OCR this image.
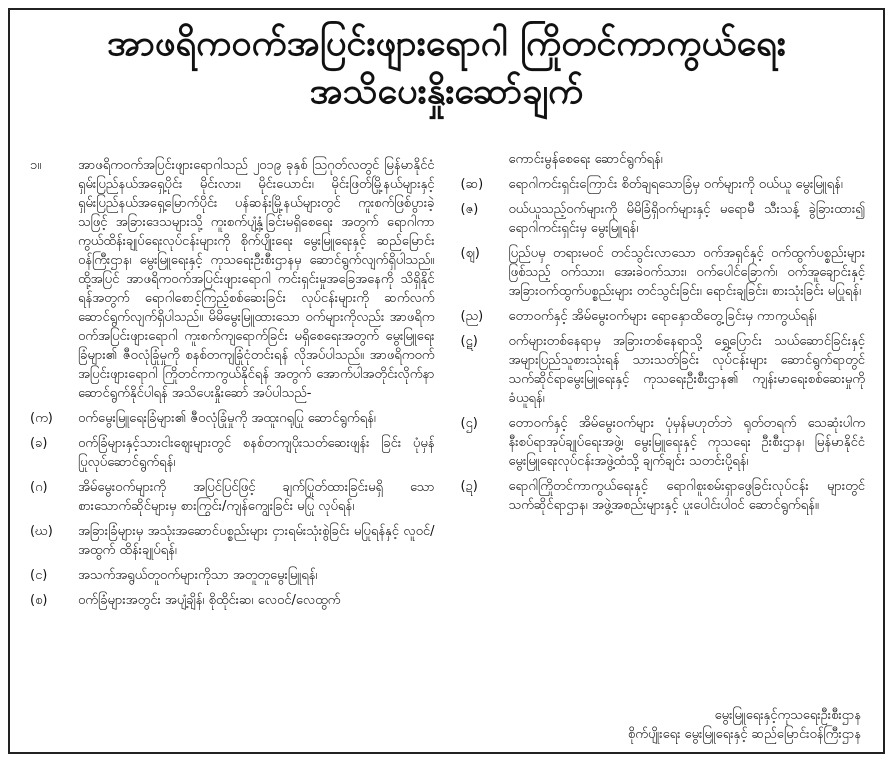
အာဖရိကဝက်အပြင်းဖျားရောဂါ ကြိုတင်ကာကွယ်ရေး
အသိပေးနှိုးဆော်ချက်
၁။	အာဖရိကဝက်အပြင်းဖျားရောဂါသည် ၂၀၁၉ ခုနှစ် ဩဂုတ်လတွင် မြန်မာနိုင်ငံ ရှမ်းပြည်နယ်အရှေ့ပိုင်း မိုင်းလား၊ မိုင်းယောင်း၊ မိုင်းဖြတ်မြို့နယ်များနှင့် ရှမ်းပြည်နယ်အရှေ့မြောက်ပိုင်း ပန်ဆန်းမြို့နယ်များတွင် ကူးစက်ဖြစ်ပွားခဲ့သဖြင့် အခြားဒေသများသို့ ကူးစက်ပျံ့နှံ့ခြင်းမရှိစေရေး အတွက် ရောဂါကာကွယ်ထိန်းချုပ်ရေးလုပ်ငန်းများကို စိုက်ပျိုးရေး မွေးမြူရေးနှင့် ဆည်မြောင်းဝန်ကြီးဌာန၊ မွေးမြူရေးနှင့် ကုသရေးဦးစီးဌာနမှ ဆောင်ရွက်လျက်ရှိပါသည်။ ထို့အပြင် အာဖရိကဝက်အပြင်းဖျားရောဂါ ကင်းရှင်းမှုအခြေအနေကို သိရှိနိုင်ရန်အတွက် ရောဂါစောင့်ကြည့်စစ်ဆေးခြင်း လုပ်ငန်းများကို ဆက်လက်ဆောင်ရွက်လျက်ရှိပါသည်။ မိမိမွေးမြူထားသော ဝက်များကိုလည်း အာဖရိကဝက်အပြင်းဖျားရောဂါ ကူးစက်ကျရောက်ခြင်း မရှိစေရေးအတွက် မွေးမြူရေးခြံများ၏ ဇီဝလုံခြုံမှုကို စနစ်တကျခြုံငုံတင်းရန် လိုအပ်ပါသည်။ အာဖရိကဝက်အပြင်းဖျားရောဂါ ကြိုတင်ကာကွယ်နိုင်ရန် အတွက် အောက်ပါအတိုင်းလိုက်နာဆောင်ရွက်နိုင်ပါရန် အသိပေးနှိုးဆော် အပ်ပါသည်-
(က)	ဝက်မွေးမြူရေးခြံများ၏ ဇီဝလုံခြုံမှုကို အထူးဂရုပြု ဆောင်ရွက်ရန်၊
(ခ)	ဝက်ခြံများနှင့်သားငါးဈေးများတွင် စနစ်တကျပိုးသတ်ဆေးဖျန်း ခြင်း ပုံမှန်ပြုလုပ်ဆောင်ရွက်ရန်၊
(ဂ)	အိမ်မွေးဝက်များကို အပြင်ပြင်ဖြင့် ချက်ပြုတ်ထားခြင်းမရှိ သော စားသောက်ဆိုင်များမှ စားကြွင်း/ကျန်ကျွေးခြင်း မပြု လုပ်ရန်၊
(ဃ)	အခြားခြံများမှ အသုံးအဆောင်ပစ္စည်းများ ငှားရမ်းသုံးစွဲခြင်း မပြုရန်နှင့် လူဝင်/အထွက် ထိန်းချုပ်ရန်၊
(င)	အသက်အရွယ်တူဝက်များကိုသာ အတူတူမွေးမြူရန်၊
(စ)	ဝက်ခြံများအတွင်း အပျံ့ချိန်၊ စိုထိုင်းဆ၊ လေဝင်/လေထွက်
ကောင်းမွန်စေရေး ဆောင်ရွက်ရန်၊
(ဆ)	ရောဂါကင်းရှင်းကြောင်း စိတ်ချရသောခြံမှ ဝက်များကို ဝယ်ယူ မွေးမြူရန်၊
(ဇ)	ဝယ်ယူသည့်ဝက်များကို မိမိခြံရှိဝက်များနှင့် မရောမီ သီးသန့် ခွဲခြားထား၍ ရောဂါကင်းရှင်းမှ မွေးမြူရန်၊
(ဈ)	ပြည်ပမှ တရားမဝင် တင်သွင်းလာသော ဝက်အရှင်နှင့် ဝက်ထွက်ပစ္စည်းများဖြစ်သည့် ဝက်သား၊ အေးခဲဝက်သား၊ ဝက်ပေါင်ခြောက်၊ ဝက်အူချောင်းနှင့် အခြားဝက်ထွက်ပစ္စည်းများ တင်သွင်းခြင်း၊ ရောင်းချခြင်း၊ စားသုံးခြင်း မပြုရန်၊
(ည)	တောဝက်နှင့် အိမ်မွေးဝက်များ ရောနှောထိတွေ့ခြင်းမှ ကာကွယ်ရန်၊
(ဋ)	ဝက်များတစ်နေရာမှ အခြားတစ်နေရာသို့ ရွှေ့ပြောင်း သယ်ဆောင်ခြင်းနှင့် အများပြည်သူစားသုံးရန် သားသတ်ခြင်း လုပ်ငန်းများ ဆောင်ရွက်ရာတွင် သက်ဆိုင်ရာမွေးမြူရေးနှင့် ကုသရေးဦးစီးဌာန၏ ကျန်းမာရေးစစ်ဆေးမှုကို ခံယူရန်၊
(ဌ)	တောဝက်နှင့် အိမ်မွေးဝက်များ ပုံမှန်မဟုတ်ဘဲ ရုတ်တရက် သေဆုံးပါက နီးစပ်ရာအုပ်ချုပ်ရေးအဖွဲ့၊ မွေးမြူရေးနှင့် ကုသရေး ဦးစီးဌာန၊ မြန်မာနိုင်ငံ မွေးမြူရေးလုပ်ငန်းအဖွဲ့ထံသို့ ချက်ချင်း သတင်းပို့ရန်၊
(ဍ)	ရောဂါကြိုတင်ကာကွယ်ရေးနှင့် ရောဂါစူးစမ်းရှာဖွေခြင်းလုပ်ငန်း များတွင် သက်ဆိုင်ရာဌာန၊ အဖွဲ့အစည်းများနှင့် ပူးပေါင်းပါဝင် ဆောင်ရွက်ရန်။
မွေးမြူရေးနှင့်ကုသရေးဦးစီးဌာန
စိုက်ပျိုးရေး မွေးမြူရေးနှင့် ဆည်မြောင်းဝန်ကြီးဌာန
